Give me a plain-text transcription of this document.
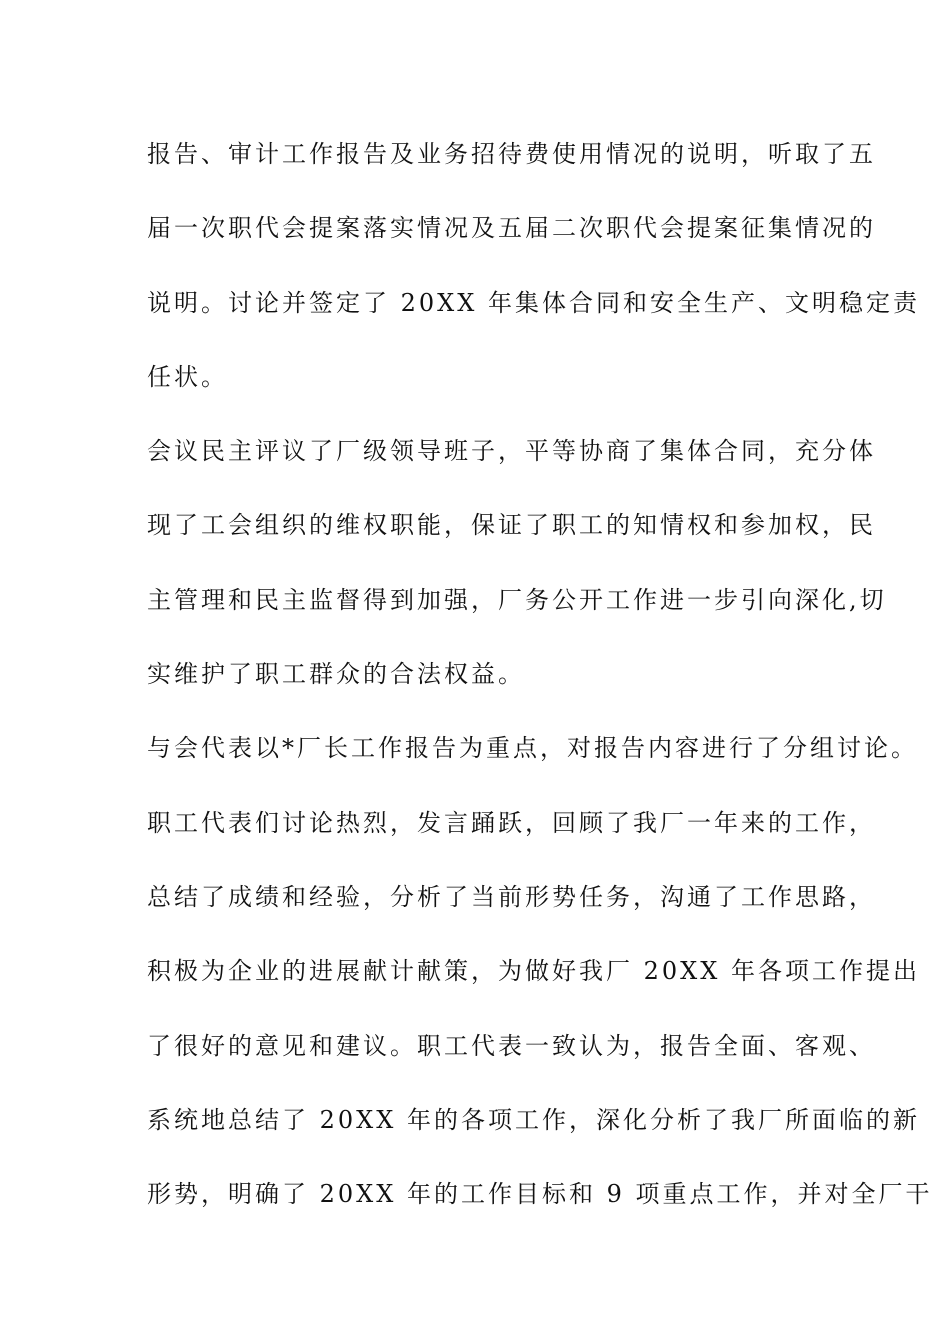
报告、审计工作报告及业务招待费使用情况的说明，听取了五
届一次职代会提案落实情况及五届二次职代会提案征集情况的
说明。讨论并签定了 20XX 年集体合同和安全生产、文明稳定责
任状。
会议民主评议了厂级领导班子，平等协商了集体合同，充分体
现了工会组织的维权职能，保证了职工的知情权和参加权，民
主管理和民主监督得到加强，厂务公开工作进一步引向深化,切
实维护了职工群众的合法权益。
与会代表以*厂长工作报告为重点，对报告内容进行了分组讨论。
职工代表们讨论热烈，发言踊跃，回顾了我厂一年来的工作，
总结了成绩和经验，分析了当前形势任务，沟通了工作思路，
积极为企业的进展献计献策，为做好我厂 20XX 年各项工作提出
了很好的意见和建议。职工代表一致认为，报告全面、客观、
系统地总结了 20XX 年的各项工作，深化分析了我厂所面临的新
形势，明确了 20XX 年的工作目标和 9 项重点工作，并对全厂干
